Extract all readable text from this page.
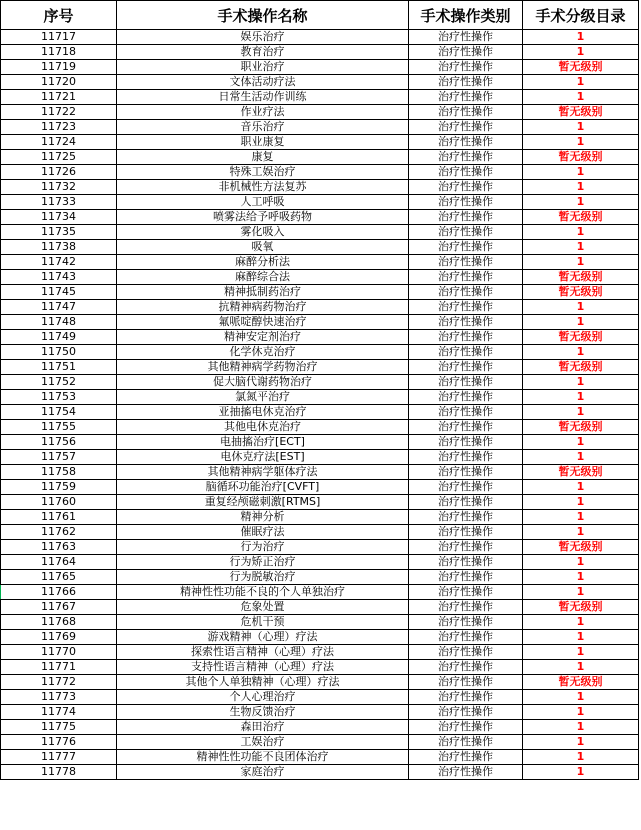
序号	手术操作名称	手术操作类别	手术分级目录
11717	娱乐治疗	治疗性操作	1
11718	教育治疗	治疗性操作	1
11719	职业治疗	治疗性操作	暂无级别
11720	文体活动疗法	治疗性操作	1
11721	日常生活动作训练	治疗性操作	1
11722	作业疗法	治疗性操作	暂无级别
11723	音乐治疗	治疗性操作	1
11724	职业康复	治疗性操作	1
11725	康复	治疗性操作	暂无级别
11726	特殊工娱治疗	治疗性操作	1
11732	非机械性方法复苏	治疗性操作	1
11733	人工呼吸	治疗性操作	1
11734	喷雾法给予呼吸药物	治疗性操作	暂无级别
11735	雾化吸入	治疗性操作	1
11738	吸氧	治疗性操作	1
11742	麻醉分析法	治疗性操作	1
11743	麻醉综合法	治疗性操作	暂无级别
11745	精神抵制药治疗	治疗性操作	暂无级别
11747	抗精神病药物治疗	治疗性操作	1
11748	氟哌啶醇快速治疗	治疗性操作	1
11749	精神安定剂治疗	治疗性操作	暂无级别
11750	化学休克治疗	治疗性操作	1
11751	其他精神病学药物治疗	治疗性操作	暂无级别
11752	促大脑代谢药物治疗	治疗性操作	1
11753	氯氮平治疗	治疗性操作	1
11754	亚抽搐电休克治疗	治疗性操作	1
11755	其他电休克治疗	治疗性操作	暂无级别
11756	电抽搐治疗[ECT]	治疗性操作	1
11757	电休克疗法[EST]	治疗性操作	1
11758	其他精神病学躯体疗法	治疗性操作	暂无级别
11759	脑循环功能治疗[CVFT]	治疗性操作	1
11760	重复经颅磁刺激[RTMS]	治疗性操作	1
11761	精神分析	治疗性操作	1
11762	催眠疗法	治疗性操作	1
11763	行为治疗	治疗性操作	暂无级别
11764	行为矫正治疗	治疗性操作	1
11765	行为脱敏治疗	治疗性操作	1
11766	精神性性功能不良的个人单独治疗	治疗性操作	1
11767	危象处置	治疗性操作	暂无级别
11768	危机干预	治疗性操作	1
11769	游戏精神（心理）疗法	治疗性操作	1
11770	探索性语言精神（心理）疗法	治疗性操作	1
11771	支持性语言精神（心理）疗法	治疗性操作	1
11772	其他个人单独精神（心理）疗法	治疗性操作	暂无级别
11773	个人心理治疗	治疗性操作	1
11774	生物反馈治疗	治疗性操作	1
11775	森田治疗	治疗性操作	1
11776	工娱治疗	治疗性操作	1
11777	精神性性功能不良团体治疗	治疗性操作	1
11778	家庭治疗	治疗性操作	1
